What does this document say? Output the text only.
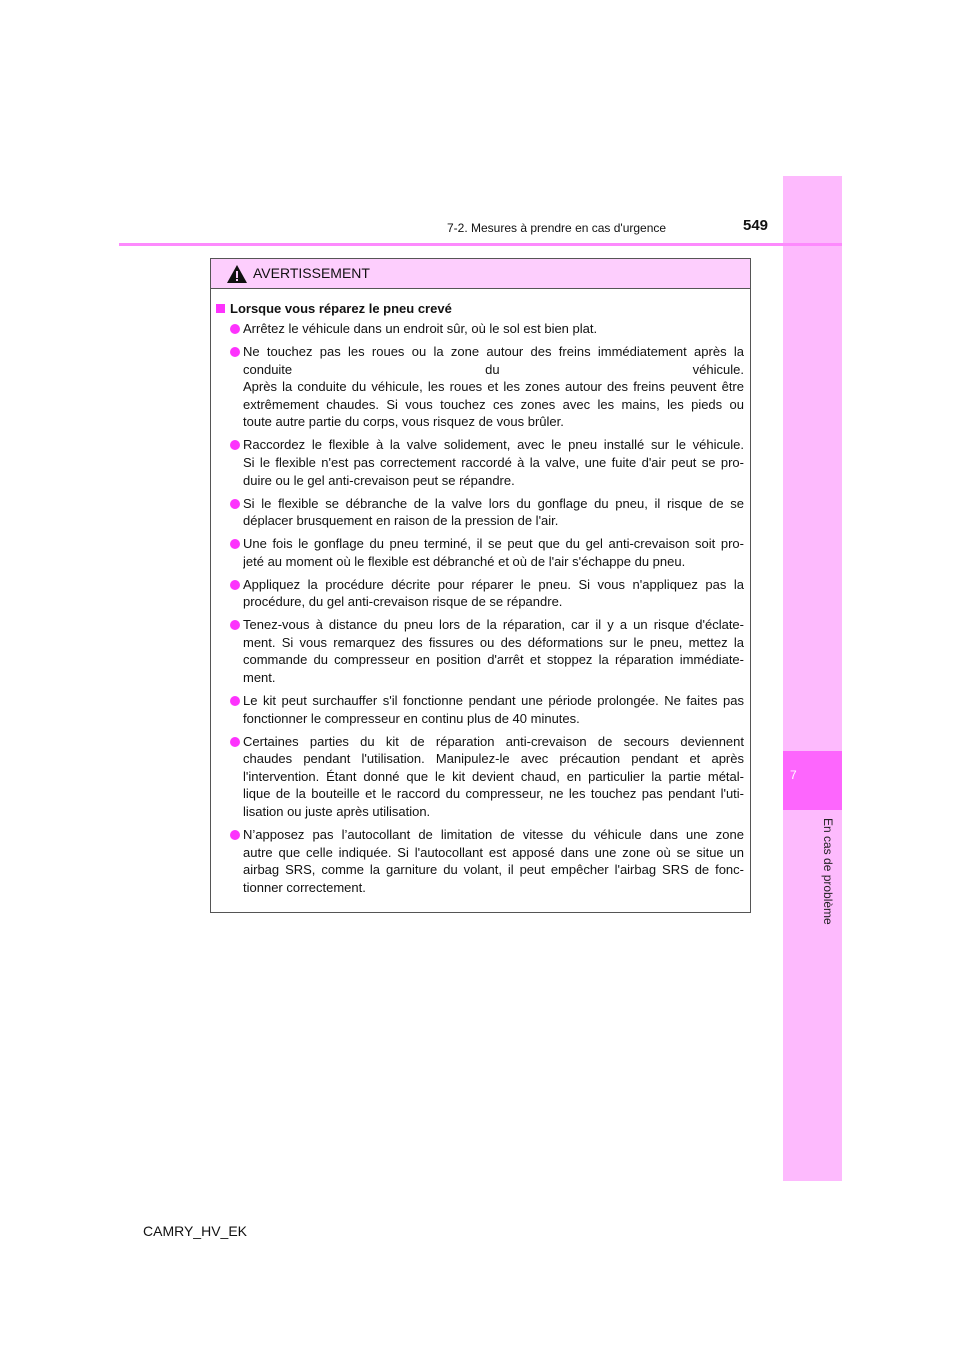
7
En cas de problème
7-2. Mesures à prendre en cas d'urgence	549
AVERTISSEMENT
Lorsque vous réparez le pneu crevé
Arrêtez le véhicule dans un endroit sûr, où le sol est bien plat.
Ne touchez pas les roues ou la zone autour des freins immédiatement après la
conduite du véhicule.
Après la conduite du véhicule, les roues et les zones autour des freins peuvent être
extrêmement chaudes. Si vous touchez ces zones avec les mains, les pieds ou
toute autre partie du corps, vous risquez de vous brûler.
Raccordez le flexible à la valve solidement, avec le pneu installé sur le véhicule.
Si le flexible n'est pas correctement raccordé à la valve, une fuite d'air peut se pro-
duire ou le gel anti-crevaison peut se répandre.
Si le flexible se débranche de la valve lors du gonflage du pneu, il risque de se
déplacer brusquement en raison de la pression de l'air.
Une fois le gonflage du pneu terminé, il se peut que du gel anti-crevaison soit pro-
jeté au moment où le flexible est débranché et où de l'air s'échappe du pneu.
Appliquez la procédure décrite pour réparer le pneu. Si vous n'appliquez pas la
procédure, du gel anti-crevaison risque de se répandre.
Tenez-vous à distance du pneu lors de la réparation, car il y a un risque d'éclate-
ment. Si vous remarquez des fissures ou des déformations sur le pneu, mettez la
commande du compresseur en position d'arrêt et stoppez la réparation immédiate-
ment.
Le kit peut surchauffer s'il fonctionne pendant une période prolongée. Ne faites pas
fonctionner le compresseur en continu plus de 40 minutes.
Certaines parties du kit de réparation anti-crevaison de secours deviennent
chaudes pendant l'utilisation. Manipulez-le avec précaution pendant et après
l'intervention. Étant donné que le kit devient chaud, en particulier la partie métal-
lique de la bouteille et le raccord du compresseur, ne les touchez pas pendant l'uti-
lisation ou juste après utilisation.
N’apposez pas l’autocollant de limitation de vitesse du véhicule dans une zone
autre que celle indiquée. Si l'autocollant est apposé dans une zone où se situe un
airbag SRS, comme la garniture du volant, il peut empêcher l'airbag SRS de fonc-
tionner correctement.
CAMRY_HV_EK
